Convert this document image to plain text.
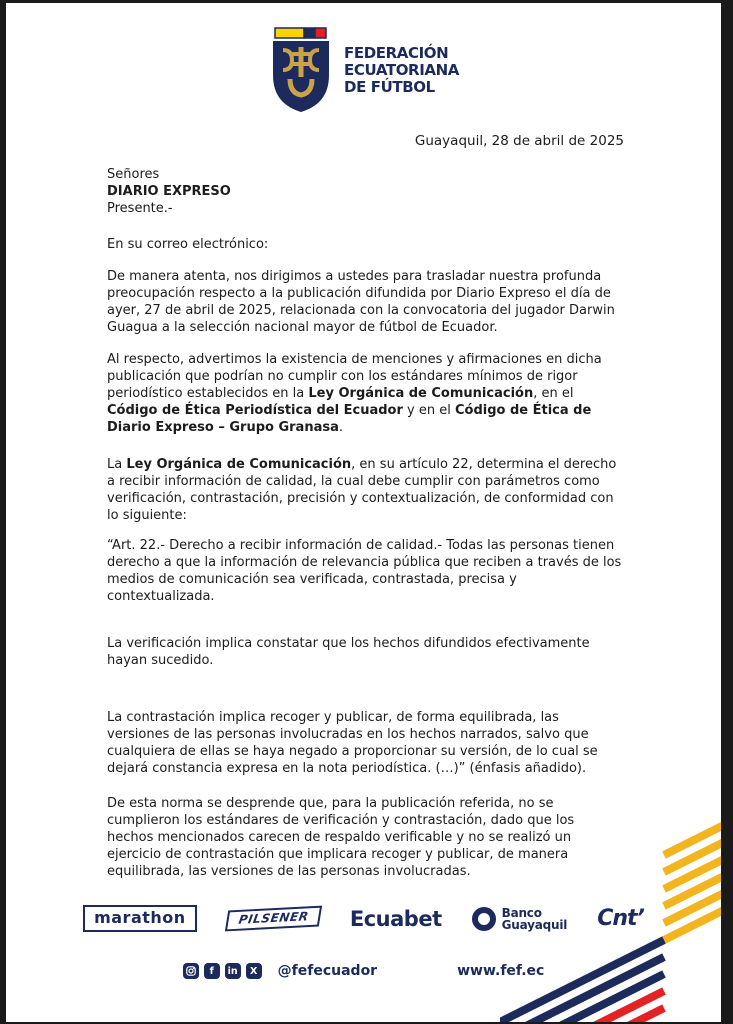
FEDERACIÓN
ECUATORIANA
DE FÚTBOL
Guayaquil, 28 de abril de 2025
Señores
DIARIO EXPRESO
Presente.-
En su correo electrónico:

De manera atenta, nos dirigimos a ustedes para trasladar nuestra profunda preocupación respecto a la publicación difundida por Diario Expreso el día de ayer, 27 de abril de 2025, relacionada con la convocatoria del jugador Darwin Guagua a la selección nacional mayor de fútbol de Ecuador.

Al respecto, advertimos la existencia de menciones y afirmaciones en dicha publicación que podrían no cumplir con los estándares mínimos de rigor periodístico establecidos en la Ley Orgánica de Comunicación, en el Código de Ética Periodística del Ecuador y en el Código de Ética de Diario Expreso – Grupo Granasa.

La Ley Orgánica de Comunicación, en su artículo 22, determina el derecho a recibir información de calidad, la cual debe cumplir con parámetros como verificación, contrastación, precisión y contextualización, de conformidad con lo siguiente:

“Art. 22.- Derecho a recibir información de calidad.- Todas las personas tienen derecho a que la información de relevancia pública que reciben a través de los medios de comunicación sea verificada, contrastada, precisa y contextualizada.

La verificación implica constatar que los hechos difundidos efectivamente hayan sucedido.

La contrastación implica recoger y publicar, de forma equilibrada, las versiones de las personas involucradas en los hechos narrados, salvo que cualquiera de ellas se haya negado a proporcionar su versión, de lo cual se dejará constancia expresa en la nota periodística. (…)” (énfasis añadido).

De esta norma se desprende que, para la publicación referida, no se cumplieron los estándares de verificación y contrastación, dado que los hechos mencionados carecen de respaldo verificable y no se realizó un ejercicio de contrastación que implicara recoger y publicar, de manera equilibrada, las versiones de las personas involucradas.

marathon	PILSENER	Ecuabet	Banco
Guayaquil Cnt’
f	in	X	@fefecuador	www.fef.ec
